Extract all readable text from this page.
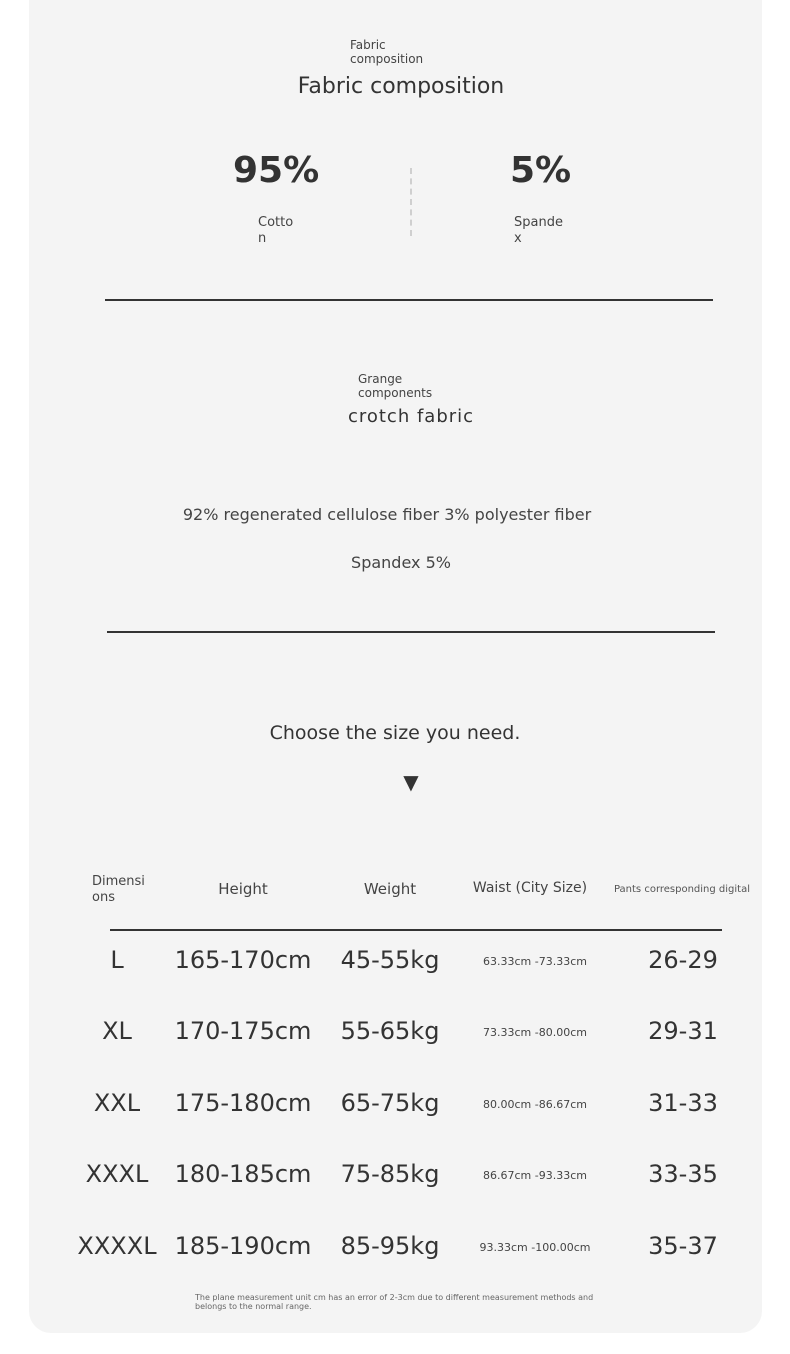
Fabric composition
Fabric composition
95%
Cotton
5%
Spandex
Grange components
crotch fabric
92% regenerated cellulose fiber 3% polyester fiber
Spandex 5%
Choose the size you need.
▼
Dimensions	Height	Weight	Waist (City Size)	Pants corresponding digital
L	165-170cm	45-55kg	63.33cm -73.33cm	26-29
XL	170-175cm	55-65kg	73.33cm -80.00cm	29-31
XXL	175-180cm	65-75kg	80.00cm -86.67cm	31-33
XXXL	180-185cm	75-85kg	86.67cm -93.33cm	33-35
XXXXL 185-190cm	85-95kg	93.33cm -100.00cm	35-37
The plane measurement unit cm has an error of 2-3cm due to different measurement methods and belongs to the normal range.
